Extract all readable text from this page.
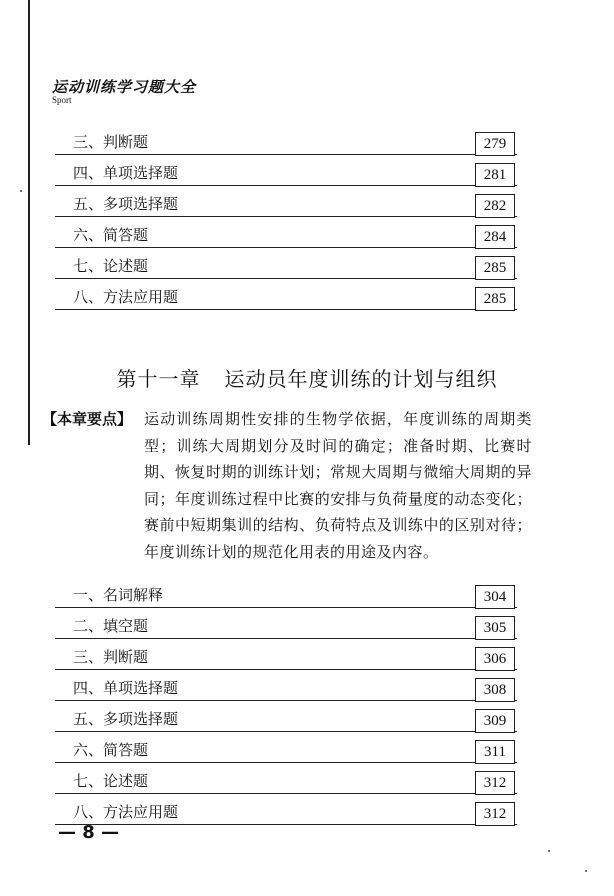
运动训练学习题大全
Sport
三、判断题	279
四、单项选择题	281
五、多项选择题	282
六、简答题	284
七、论述题	285
八、方法应用题	285
第十一章 运动员年度训练的计划与组织
【本章要点】 运动训练周期性安排的生物学依据，年度训练的周期类型；训练大周期划分及时间的确定；准备时期、比赛时期、恢复时期的训练计划；常规大周期与微缩大周期的异同；年度训练过程中比赛的安排与负荷量度的动态变化；赛前中短期集训的结构、负荷特点及训练中的区别对待；年度训练计划的规范化用表的用途及内容。
一、名词解释	304
二、填空题	305
三、判断题	306
四、单项选择题	308
五、多项选择题	309
六、简答题	311
七、论述题	312
八、方法应用题	312
— 8 —
